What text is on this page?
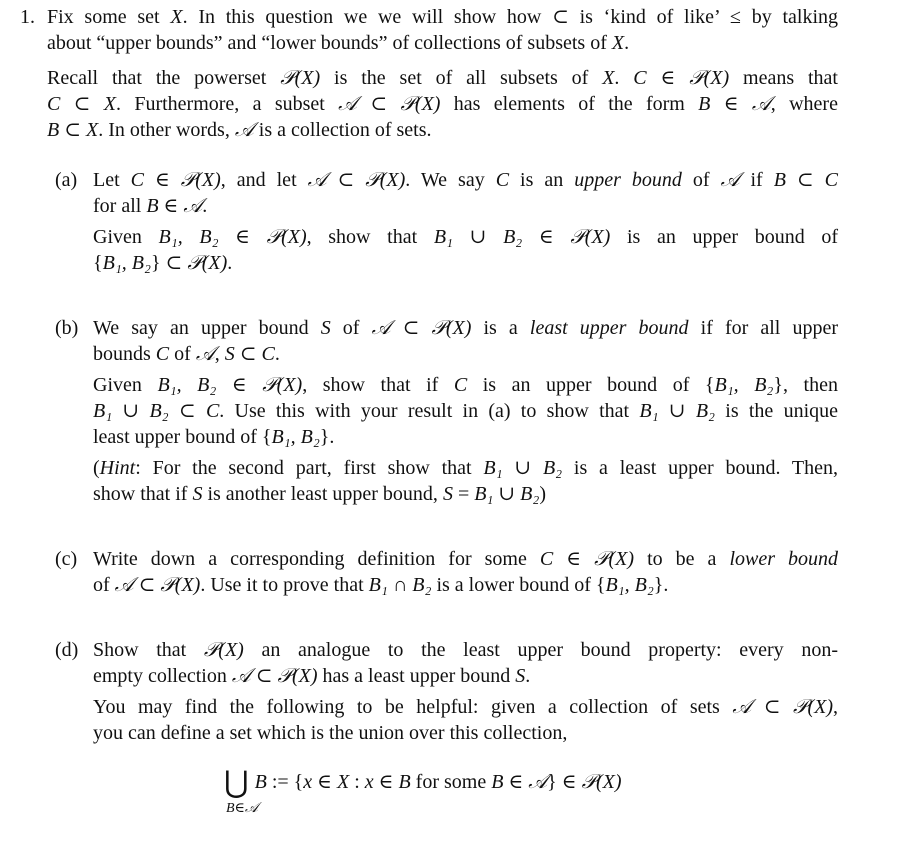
1. Fix some set X. In this question we we will show how ⊂ is ‘kind of like’ ≤ by talking
about “upper bounds” and “lower bounds” of collections of subsets of X.
Recall that the powerset 𝒫(X) is the set of all subsets of X. C ∈ 𝒫(X) means that
C ⊂ X. Furthermore, a subset 𝒜 ⊂ 𝒫(X) has elements of the form B ∈ 𝒜, where
B ⊂ X. In other words, 𝒜 is a collection of sets.
(a) Let C ∈ 𝒫(X), and let 𝒜 ⊂ 𝒫(X). We say C is an upper bound of 𝒜 if B ⊂ C
for all B ∈ 𝒜.
Given B₁, B₂ ∈ 𝒫(X), show that B₁ ∪ B₂ ∈ 𝒫(X) is an upper bound of
{B₁, B₂} ⊂ 𝒫(X).
(b) We say an upper bound S of 𝒜 ⊂ 𝒫(X) is a least upper bound if for all upper
bounds C of 𝒜, S ⊂ C.
Given B₁, B₂ ∈ 𝒫(X), show that if C is an upper bound of {B₁, B₂}, then
B₁ ∪ B₂ ⊂ C. Use this with your result in (a) to show that B₁ ∪ B₂ is the unique
least upper bound of {B₁, B₂}.
(Hint: For the second part, first show that B₁ ∪ B₂ is a least upper bound. Then,
show that if S is another least upper bound, S = B₁ ∪ B₂)
(c) Write down a corresponding definition for some C ∈ 𝒫(X) to be a lower bound
of 𝒜 ⊂ 𝒫(X). Use it to prove that B₁ ∩ B₂ is a lower bound of {B₁, B₂}.
(d) Show that 𝒫(X) an analogue to the least upper bound property: every non-
empty collection 𝒜 ⊂ 𝒫(X) has a least upper bound S.
You may find the following to be helpful: given a collection of sets 𝒜 ⊂ 𝒫(X),
you can define a set which is the union over this collection,
⋃ B := {x ∈ X : x ∈ B for some B ∈ 𝒜} ∈ 𝒫(X)
B∈𝒜
